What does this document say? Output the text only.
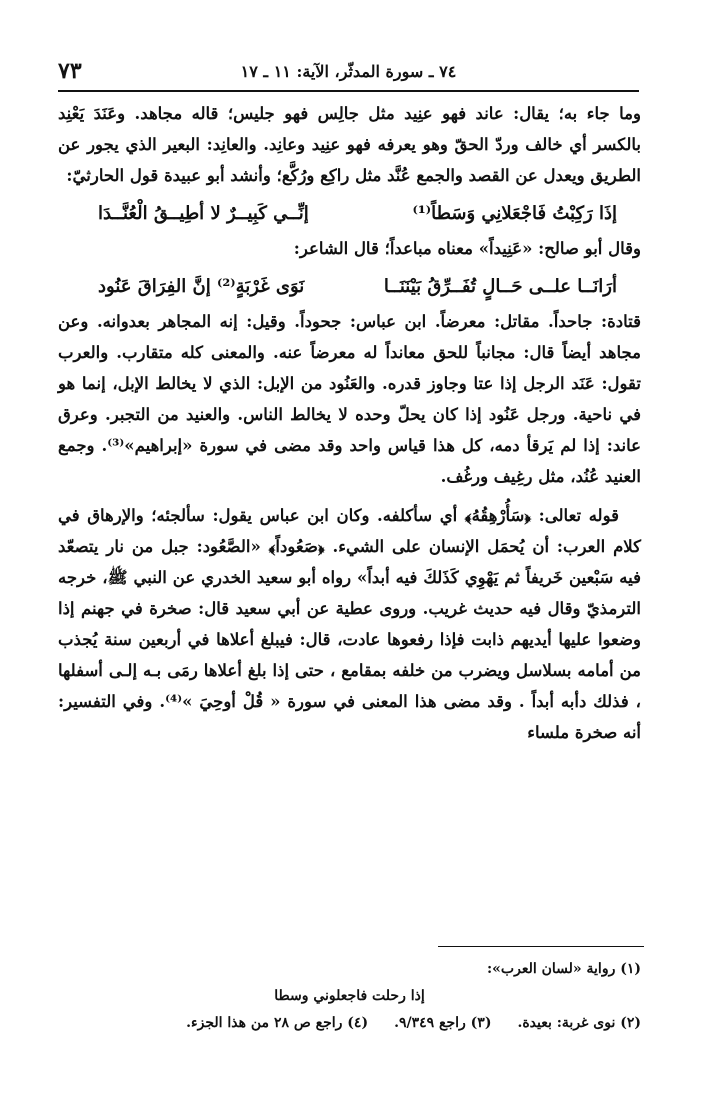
٧٣	٧٤ ـ سورة المدثّر، الآية: ١١ ـ ١٧

وما جاء به؛ يقال: عاند فهو عنِيد مثل جالِس فهو جليس؛ قاله مجاهد. وعَنَدَ يَعْنِد بالكسر أي خالف وردّ الحقّ وهو يعرفه فهو عنِيد وعانِد. والعانِد: البعير الذي يجور عن الطريق ويعدل عن القصد والجمع عُنَّد مثل راكِع ورُكَّع؛ وأنشد أبو عبيدة قول الحارثيّ:

إذَا رَكِبْتُ فَاجْعَلانِي وَسَطاً⁽¹⁾
إنِّــي كَبِيــرٌ لا أطِيــقُ الْعُنَّــدَا

وقال أبو صالح: «عَنِيداً» معناه مباعداً؛ قال الشاعر:

أرَانَــا علــى حَــالٍ تُفَــرِّقُ بَيْنَنَــا
نَوَى غَرْبَةٍ⁽²⁾ إنَّ الفِرَاقَ عَنُود

قتادة: جاحداً. مقاتل: معرضاً. ابن عباس: جحوداً. وقيل: إنه المجاهر بعدوانه. وعن مجاهد أيضاً قال: مجانباً للحق معانداً له معرضاً عنه. والمعنى كله متقارب. والعرب تقول: عَنَد الرجل إذا عتا وجاوز قدره. والعَنُود من الإبل: الذي لا يخالط الإبل، إنما هو في ناحية. ورجل عَنُود إذا كان يحلّ وحده لا يخالط الناس. والعنيد من التجبر. وعرق عاند: إذا لم يَرقأ دمه، كل هذا قياس واحد وقد مضى في سورة «إبراهيم»⁽³⁾. وجمع العنيد عُنُد، مثل رغِيف ورغُف.

قوله تعالى: ﴿سَأُرْهِقُهُ﴾ أي سأكلفه. وكان ابن عباس يقول: سألجئه؛ والإرهاق في كلام العرب: أن يُحمَل الإنسان على الشيء. ﴿صَعُوداً﴾ «الصَّعُود: جبل من نار يتصعّد فيه سَبْعين خَريفاً ثم يَهْوِي كَذَلكَ فيه أبداً» رواه أبو سعيد الخدري عن النبي ﷺ، خرجه الترمذيّ وقال فيه حديث غريب. وروى عطية عن أبي سعيد قال: صخرة في جهنم إذا وضعوا عليها أيديهم ذابت فإذا رفعوها عادت، قال: فيبلغ أعلاها في أربعين سنة يُجذب من أمامه بسلاسل ويضرب من خلفه بمقامع ، حتى إذا بلغ أعلاها رمَى بـه إلـى أسفلها ، فذلك دأبه أبداً . وقد مضى هذا المعنى في سورة « قُلْ أوحِيَ »⁽⁴⁾. وفي التفسير: أنه صخرة ملساء

(١) رواية «لسان العرب»:

إذا رحلت فاجعلوني وسطا

(٢) نوى غربة: بعيدة.
(٣) راجع ٩/٣٤٩.
(٤) راجع ص ٢٨ من هذا الجزء.
